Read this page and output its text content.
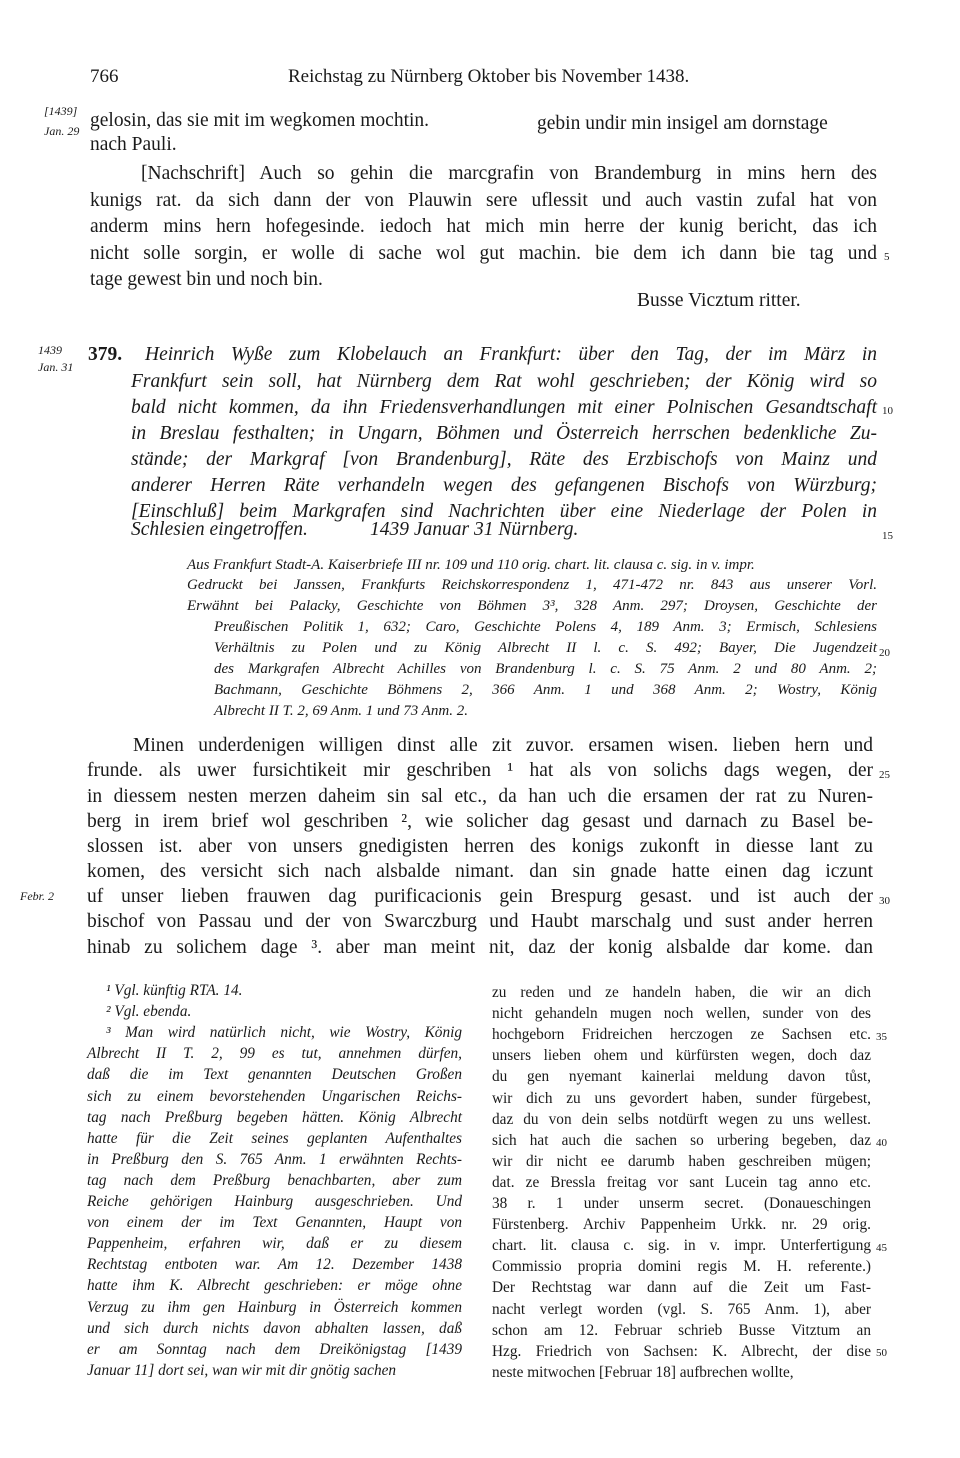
766	Reichstag zu Nürnberg Oktober bis November 1438.
[1439]
Jan. 29 gelosin, das sie mit im wegkomen mochtin.	gebin undir min insigel am dornstage
nach Pauli.
[Nachschrift] Auch so gehin die marcgrafin von Brandemburg in mins hern des
kunigs rat. da sich dann der von Plauwin sere uflessit und auch vastin zufal hat von
anderm mins hern hofegesinde. iedoch hat mich min herre der kunig bericht, das ich
nicht solle sorgin, er wolle di sache wol gut machin. bie dem ich dann bie tag und
tage gewest bin und noch bin.
Busse Vicztum ritter.
1439
Jan. 31
379. Heinrich Wyße zum Klobelauch an Frankfurt: über den Tag, der im März in
Frankfurt sein soll, hat Nürnberg dem Rat wohl geschrieben; der König wird so
bald nicht kommen, da ihn Friedensverhandlungen mit einer Polnischen Gesandtschaft
in Breslau festhalten; in Ungarn, Böhmen und Österreich herrschen bedenkliche Zu-
stände; der Markgraf [von Brandenburg], Räte des Erzbischofs von Mainz und
anderer Herren Räte verhandeln wegen des gefangenen Bischofs von Würzburg;
[Einschluß] beim Markgrafen sind Nachrichten über eine Niederlage der Polen in
Schlesien eingetroffen.	1439 Januar 31 Nürnberg.
Aus Frankfurt Stadt-A. Kaiserbriefe III nr. 109 und 110 orig. chart. lit. clausa c. sig. in v. impr.
Gedruckt bei Janssen, Frankfurts Reichskorrespondenz 1, 471-472 nr. 843 aus unserer Vorl.
Erwähnt bei Palacky, Geschichte von Böhmen 3³, 328 Anm. 297; Droysen, Geschichte der
Preußischen Politik 1, 632; Caro, Geschichte Polens 4, 189 Anm. 3; Ermisch, Schlesiens
Verhältnis zu Polen und zu König Albrecht II l. c. S. 492; Bayer, Die Jugendzeit
des Markgrafen Albrecht Achilles von Brandenburg l. c. S. 75 Anm. 2 und 80 Anm. 2;
Bachmann, Geschichte Böhmens 2, 366 Anm. 1 und 368 Anm. 2; Wostry, König
Albrecht II T. 2, 69 Anm. 1 und 73 Anm. 2.
Febr. 2
Minen underdenigen willigen dinst alle zit zuvor. ersamen wisen. lieben hern und
frunde. als uwer fursichtikeit mir geschriben ¹ hat als von solichs dags wegen, der
in diessem nesten merzen daheim sin sal etc., da han uch die ersamen der rat zu Nuren-
berg in irem brief wol geschriben ², wie solicher dag gesast und darnach zu Basel be-
slossen ist. aber von unsers gnedigisten herren des konigs zukonft in diesse lant zu
komen, des versicht sich nach alsbalde nimant. dan sin gnade hatte einen dag iczunt
uf unser lieben frauwen dag purificacionis gein Brespurg gesast. und ist auch der
bischof von Passau und der von Swarczburg und Haubt marschalg und sust ander herren
hinab zu solichem dage ³. aber man meint nit, daz der konig alsbalde dar kome. dan
¹ Vgl. künftig RTA. 14.
² Vgl. ebenda.
³ Man wird natürlich nicht, wie Wostry, König
Albrecht II T. 2, 99 es tut, annehmen dürfen,
daß die im Text genannten Deutschen Großen
sich zu einem bevorstehenden Ungarischen Reichs-
tag nach Preßburg begeben hätten. König Albrecht
hatte für die Zeit seines geplanten Aufenthaltes
in Preßburg den S. 765 Anm. 1 erwähnten Rechts-
tag nach dem Preßburg benachbarten, aber zum
Reiche gehörigen Hainburg ausgeschrieben. Und
von einem der im Text Genannten, Haupt von
Pappenheim, erfahren wir, daß er zu diesem
Rechtstag entboten war. Am 12. Dezember 1438
hatte ihm K. Albrecht geschrieben: er möge ohne
Verzug zu ihm gen Hainburg in Österreich kommen
und sich durch nichts davon abhalten lassen, daß
er am Sonntag nach dem Dreikönigstag [1439
Januar 11] dort sei, wan wir mit dir gnötig sachen
zu reden und ze handeln haben, die wir an dich
nicht gehandeln mugen noch wellen, sunder von des
hochgeborn Fridreichen herczogen ze Sachsen etc.
unsers lieben ohem und kürfürsten wegen, doch daz
du gen nyemant kainerlai meldung davon tůst,
wir dich zu uns gevordert haben, sunder fürgebest,
daz du von dein selbs notdürft wegen zu uns wellest.
sich hat auch die sachen so urbering begeben, daz
wir dir nicht ee darumb haben geschreiben mügen;
dat. ze Bressla freitag vor sant Lucein tag anno etc.
38 r. 1 under unserm secret. (Donaueschingen
Fürstenberg. Archiv Pappenheim Urkk. nr. 29 orig.
chart. lit. clausa c. sig. in v. impr. Unterfertigung
Commissio propria domini regis M. H. referente.)
Der Rechtstag war dann auf die Zeit um Fast-
nacht verlegt worden (vgl. S. 765 Anm. 1), aber
schon am 12. Februar schrieb Busse Vitztum an
Hzg. Friedrich von Sachsen: K. Albrecht, der dise
neste mitwochen [Februar 18] aufbrechen wollte,
5
10
15
20
25
30
35
40
45
50
